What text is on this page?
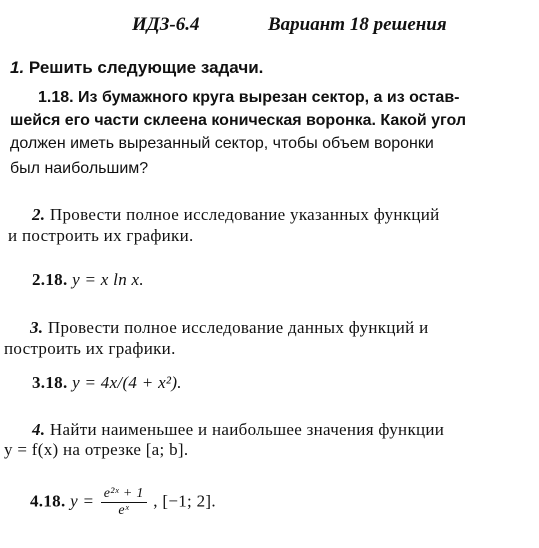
ИДЗ-6.4	Вариант 18 решения
1. Решить следующие задачи.
1.18. Из бумажного круга вырезан сектор, а из остав-
шейся его части склеена коническая воронка. Какой угол
должен иметь вырезанный сектор, чтобы объем воронки
был наибольшим?
2. Провести полное исследование указанных функций
и построить их графики.
2.18. y = x ln x.
3. Провести полное исследование данных функций и
построить их графики.
3.18. y = 4x/(4 + x²).
4. Найти наименьшее и наибольшее значения функции
y = f(x) на отрезке [a; b].
4.18. $y = \frac{\text{e²ˣ + 1}}{\text{eˣ}}$ , [−1; 2].
